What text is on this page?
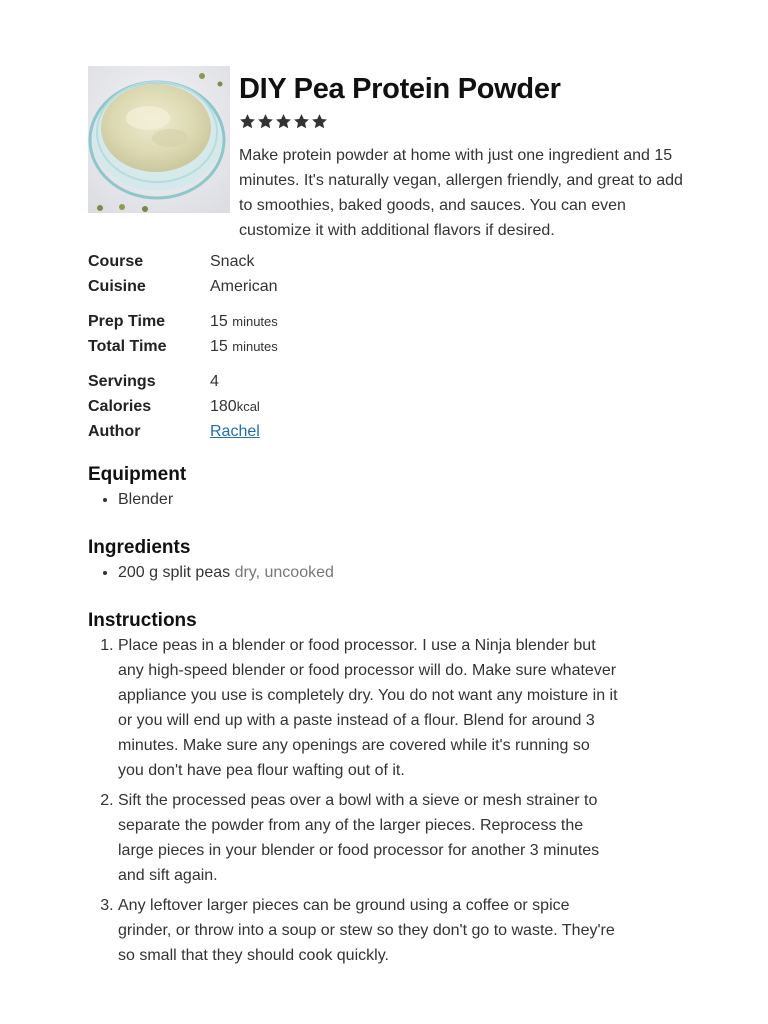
DIY Pea Protein Powder

Make protein powder at home with just one ingredient and 15 minutes. It's naturally vegan, allergen friendly, and great to add to smoothies, baked goods, and sauces. You can even customize it with additional flavors if desired.

Course	Snack
Cuisine	American
Prep Time	15 minutes
Total Time	15 minutes
Servings	4
Calories	180kcal
Author	Rachel
Equipment
• Blender
Ingredients
• 200 g split peas dry, uncooked
Instructions
1. Place peas in a blender or food processor. I use a Ninja blender but any high-speed blender or food processor will do. Make sure whatever appliance you use is completely dry. You do not want any moisture in it or you will end up with a paste instead of a flour. Blend for around 3 minutes. Make sure any openings are covered while it's running so you don't have pea flour wafting out of it.
2. Sift the processed peas over a bowl with a sieve or mesh strainer to separate the powder from any of the larger pieces. Reprocess the large pieces in your blender or food processor for another 3 minutes and sift again.
3. Any leftover larger pieces can be ground using a coffee or spice grinder, or throw into a soup or stew so they don't go to waste. They're so small that they should cook quickly.
